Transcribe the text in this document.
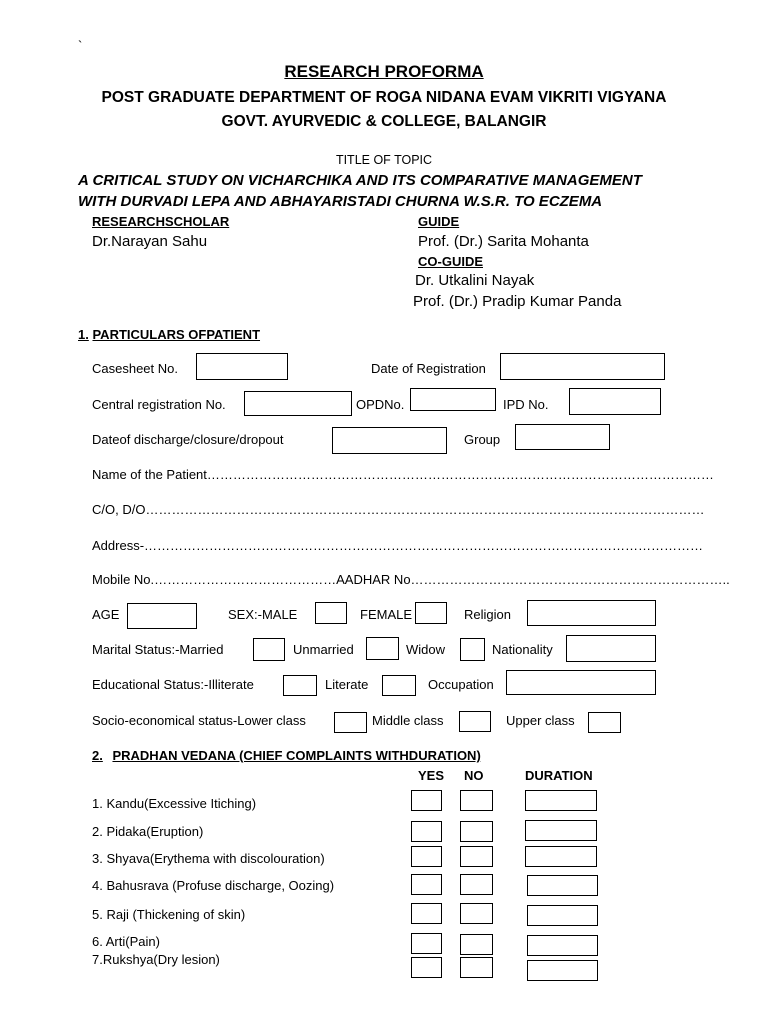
`
RESEARCH PROFORMA
POST GRADUATE DEPARTMENT OF ROGA NIDANA EVAM VIKRITI VIGYANA
GOVT. AYURVEDIC & COLLEGE, BALANGIR
TITLE OF TOPIC
A CRITICAL STUDY ON VICHARCHIKA AND ITS COMPARATIVE MANAGEMENT
WITH DURVADI LEPA AND ABHAYARISTADI CHURNA W.S.R. TO ECZEMA
RESEARCHSCHOLAR
Dr.Narayan Sahu
GUIDE
Prof. (Dr.) Sarita Mohanta
CO-GUIDE
Dr. Utkalini Nayak
Prof. (Dr.) Pradip Kumar Panda
1. PARTICULARS OFPATIENT
Casesheet No.	Date of Registration
Central registration No.	OPDNo.	IPD No.
Dateof discharge/closure/dropout	Group
Name of the Patient………………………………………………………………………………………………………
C/O, D/O…………………………………………………………………………………………………………………
Address-…………………………………………………………………………………………………………………
Mobile No.……………………………………AADHAR No………………………………………………………………..
AGE	SEX:-MALE	FEMALE	Religion
Marital Status:-Married	Unmarried	Widow	Nationality
Educational Status:-Illiterate	Literate	Occupation
Socio-economical status-Lower class	Middle class	Upper class
2. PRADHAN VEDANA (CHIEF COMPLAINTS WITHDURATION)
YES NO	DURATION
1. Kandu(Excessive Itiching)
2. Pidaka(Eruption)
3. Shyava(Erythema with discolouration)
4. Bahusrava (Profuse discharge, Oozing)
5. Raji (Thickening of skin)
6. Arti(Pain)
7.Rukshya(Dry lesion)
